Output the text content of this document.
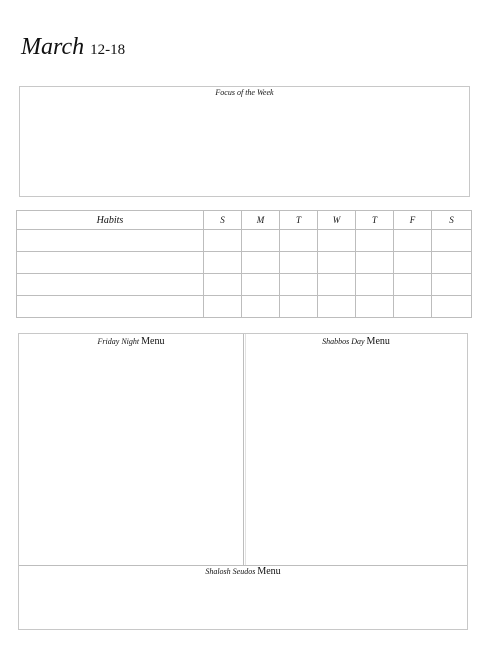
March 12-18
Focus of the Week
Habits	S	M	T	W	T	F	S

Friday Night Menu	Shabbos Day Menu
Shalosh Seudos Menu
